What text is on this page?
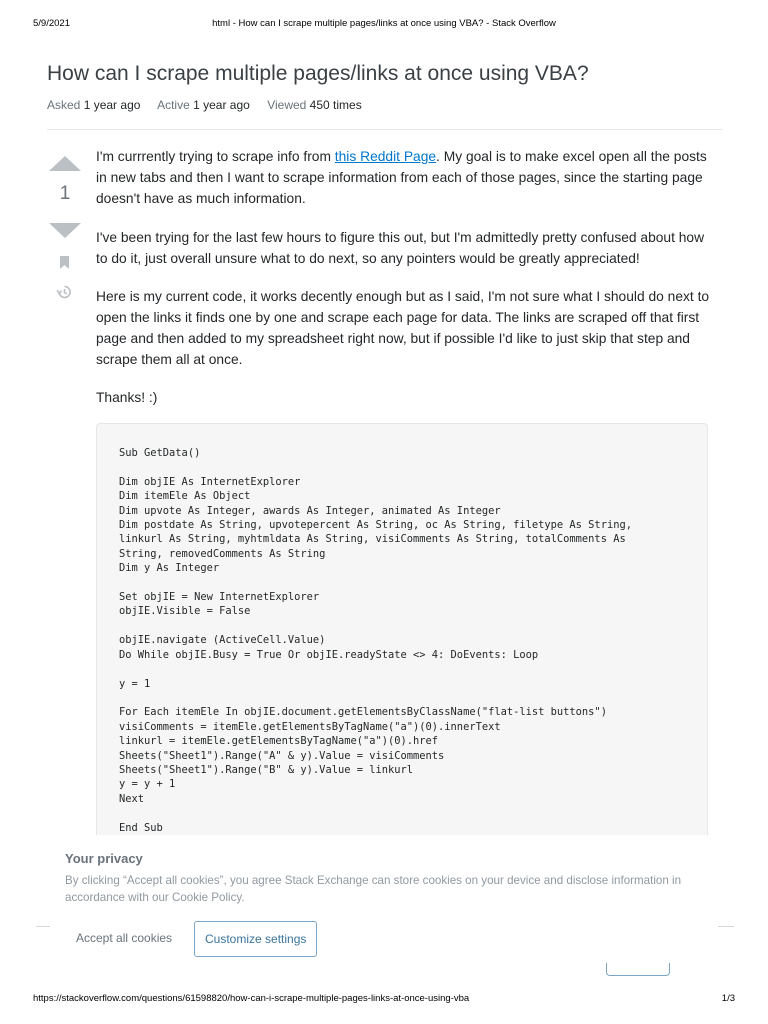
5/9/2021	html - How can I scrape multiple pages/links at once using VBA? - Stack Overflow
How can I scrape multiple pages/links at once using VBA?
Asked 1 year ago Active 1 year ago Viewed 450 times
1

I'm currrently trying to scrape info from this Reddit Page. My goal is to make excel open all the posts in new tabs and then I want to scrape information from each of those pages, since the starting page doesn't have as much information.

I've been trying for the last few hours to figure this out, but I'm admittedly pretty confused about how to do it, just overall unsure what to do next, so any pointers would be greatly appreciated!

Here is my current code, it works decently enough but as I said, I'm not sure what I should do next to open the links it finds one by one and scrape each page for data. The links are scraped off that first page and then added to my spreadsheet right now, but if possible I'd like to just skip that step and scrape them all at once.

Thanks! :)

Sub GetData()

Dim objIE As InternetExplorer
Dim itemEle As Object
Dim upvote As Integer, awards As Integer, animated As Integer
Dim postdate As String, upvotepercent As String, oc As String, filetype As String,
linkurl As String, myhtmldata As String, visiComments As String, totalComments As
String, removedComments As String
Dim y As Integer

Set objIE = New InternetExplorer
objIE.Visible = False

objIE.navigate (ActiveCell.Value)
Do While objIE.Busy = True Or objIE.readyState <> 4: DoEvents: Loop

y = 1

For Each itemEle In objIE.document.getElementsByClassName("flat-list buttons")
visiComments = itemEle.getElementsByTagName("a")(0).innerText
linkurl = itemEle.getElementsByTagName("a")(0).href
Sheets("Sheet1").Range("A" & y).Value = visiComments
Sheets("Sheet1").Range("B" & y).Value = linkurl
y = y + 1
Next

End Sub
Your privacy
By clicking “Accept all cookies”, you agree Stack Exchange can store cookies on your device and disclose information in accordance with our Cookie Policy.
Accept all cookies	Customize settings
https://stackoverflow.com/questions/61598820/how-can-i-scrape-multiple-pages-links-at-once-using-vba	1/3
